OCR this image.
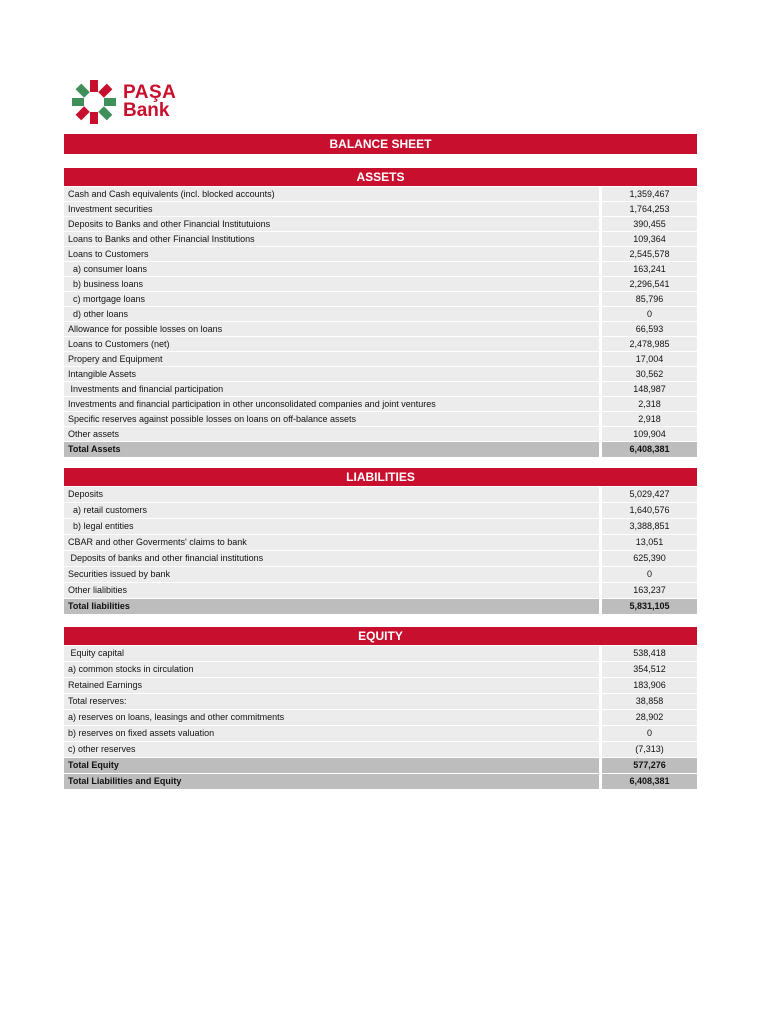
PAŞA
Bank
BALANCE SHEET
ASSETS
Cash and Cash equivalents (incl. blocked accounts)	1,359,467
Investment securities	1,764,253
Deposits to Banks and other Financial Institutuions	390,455
Loans to Banks and other Financial Institutions	109,364
Loans to Customers	2,545,578
a) consumer loans	163,241
b) business loans	2,296,541
c) mortgage loans	85,796
d) other loans	0
Allowance for possible losses on loans	66,593
Loans to Customers (net)	2,478,985
Propery and Equipment	17,004
Intangible Assets	30,562
Investments and financial participation	148,987
Investments and financial participation in other unconsolidated companies and joint ventures	2,318
Specific reserves against possible losses on loans on off-balance assets	2,918
Other assets	109,904
Total Assets	6,408,381
LIABILITIES
Deposits	5,029,427
a) retail customers	1,640,576
b) legal entities	3,388,851
CBAR and other Goverments' claims to bank	13,051
Deposits of banks and other financial institutions	625,390
Securities issued by bank	0
Other lialibities	163,237
Total liabilities	5,831,105
EQUITY
Equity capital	538,418
a) common stocks in circulation	354,512
Retained Earnings	183,906
Total reserves:	38,858
a) reserves on loans, leasings and other commitments	28,902
b) reserves on fixed assets valuation	0
c) other reserves	(7,313)
Total Equity	577,276
Total Liabilities and Equity	6,408,381
